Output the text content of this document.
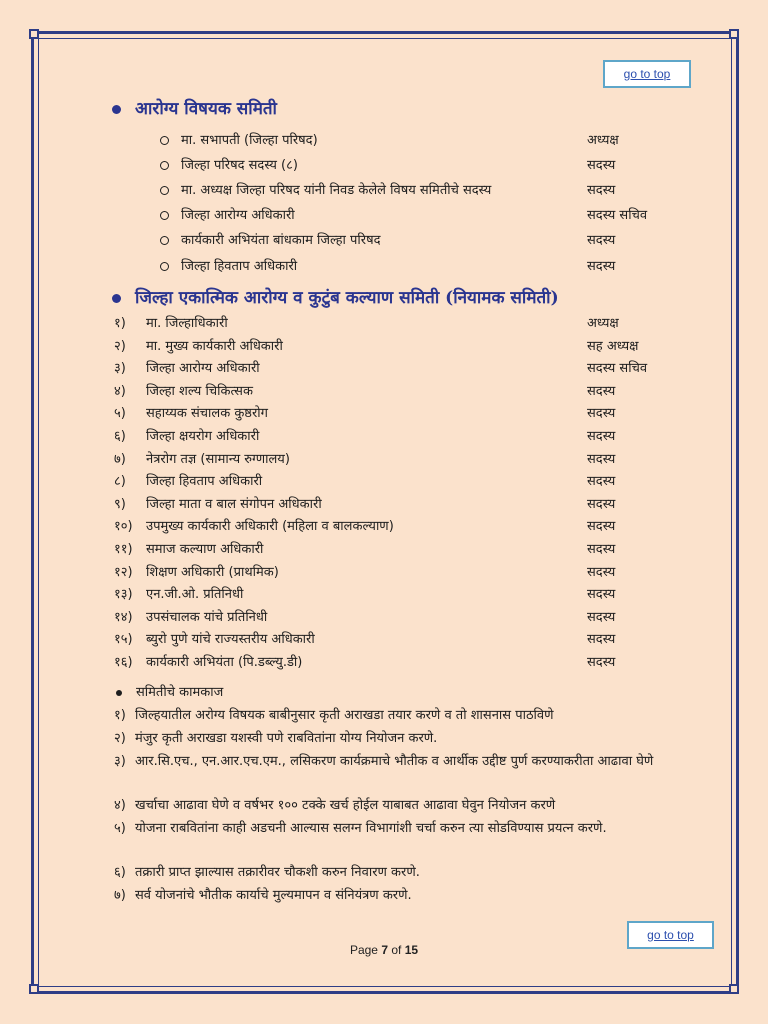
go to top
आरोग्य विषयक समिती
मा. सभापती (जिल्हा परिषद)	अध्यक्ष
जिल्हा परिषद सदस्य (८)	सदस्य
मा. अध्यक्ष जिल्हा परिषद यांनी निवड केलेले विषय समितीचे सदस्य	सदस्य
जिल्हा आरोग्य अधिकारी	सदस्य सचिव
कार्यकारी अभियंता बांधकाम जिल्हा परिषद	सदस्य
जिल्हा हिवताप अधिकारी	सदस्य
जिल्हा एकात्मिक आरोग्य व कुटुंब कल्याण समिती (नियामक समिती)
१) मा. जिल्हाधिकारी	अध्यक्ष
२) मा. मुख्य कार्यकारी अधिकारी	सह अध्यक्ष
३) जिल्हा आरोग्य अधिकारी	सदस्य सचिव
४) जिल्हा शल्य चिकित्सक	सदस्य
५) सहाय्यक संचालक कुष्ठरोग	सदस्य
६) जिल्हा क्षयरोग अधिकारी	सदस्य
७) नेत्ररोग तज्ञ (सामान्य रुग्णालय)	सदस्य
८) जिल्हा हिवताप अधिकारी	सदस्य
९) जिल्हा माता व बाल संगोपन अधिकारी	सदस्य
१०) उपमुख्य कार्यकारी अधिकारी (महिला व बालकल्याण)	सदस्य
११) समाज कल्याण अधिकारी	सदस्य
१२) शिक्षण अधिकारी (प्राथमिक)	सदस्य
१३) एन.जी.ओ. प्रतिनिधी	सदस्य
१४) उपसंचालक यांचे प्रतिनिधी	सदस्य
१५) ब्युरो पुणे यांचे राज्यस्तरीय अधिकारी	सदस्य
१६) कार्यकारी अभियंता (पि.डब्ल्यु.डी)	सदस्य
समितीचे कामकाज
१) जिल्हयातील अरोग्य विषयक बाबीनुसार कृती अराखडा तयार करणे व तो शासनास पाठविणे
२) मंजुर कृती अराखडा यशस्वी पणे राबवितांना योग्य नियोजन करणे.
३) आर.सि.एच., एन.आर.एच.एम., लसिकरण कार्यक्रमाचे भौतीक व आर्थीक उद्दीष्ट पुर्ण करण्याकरीता आढावा घेणे
४) खर्चाचा आढावा घेणे व वर्षभर १०० टक्के खर्च होईल याबाबत आढावा घेवुन नियोजन करणे
५) योजना राबवितांना काही अडचनी आल्यास सलग्न विभागांशी चर्चा करुन त्या सोडविण्यास प्रयत्न करणे.
६) तक्रारी प्राप्त झाल्यास तक्रारीवर चौकशी करुन निवारण करणे.
७) सर्व योजनांचे भौतीक कार्याचे मुल्यमापन व संनियंत्रण करणे.
Page 7 of 15
go to top
